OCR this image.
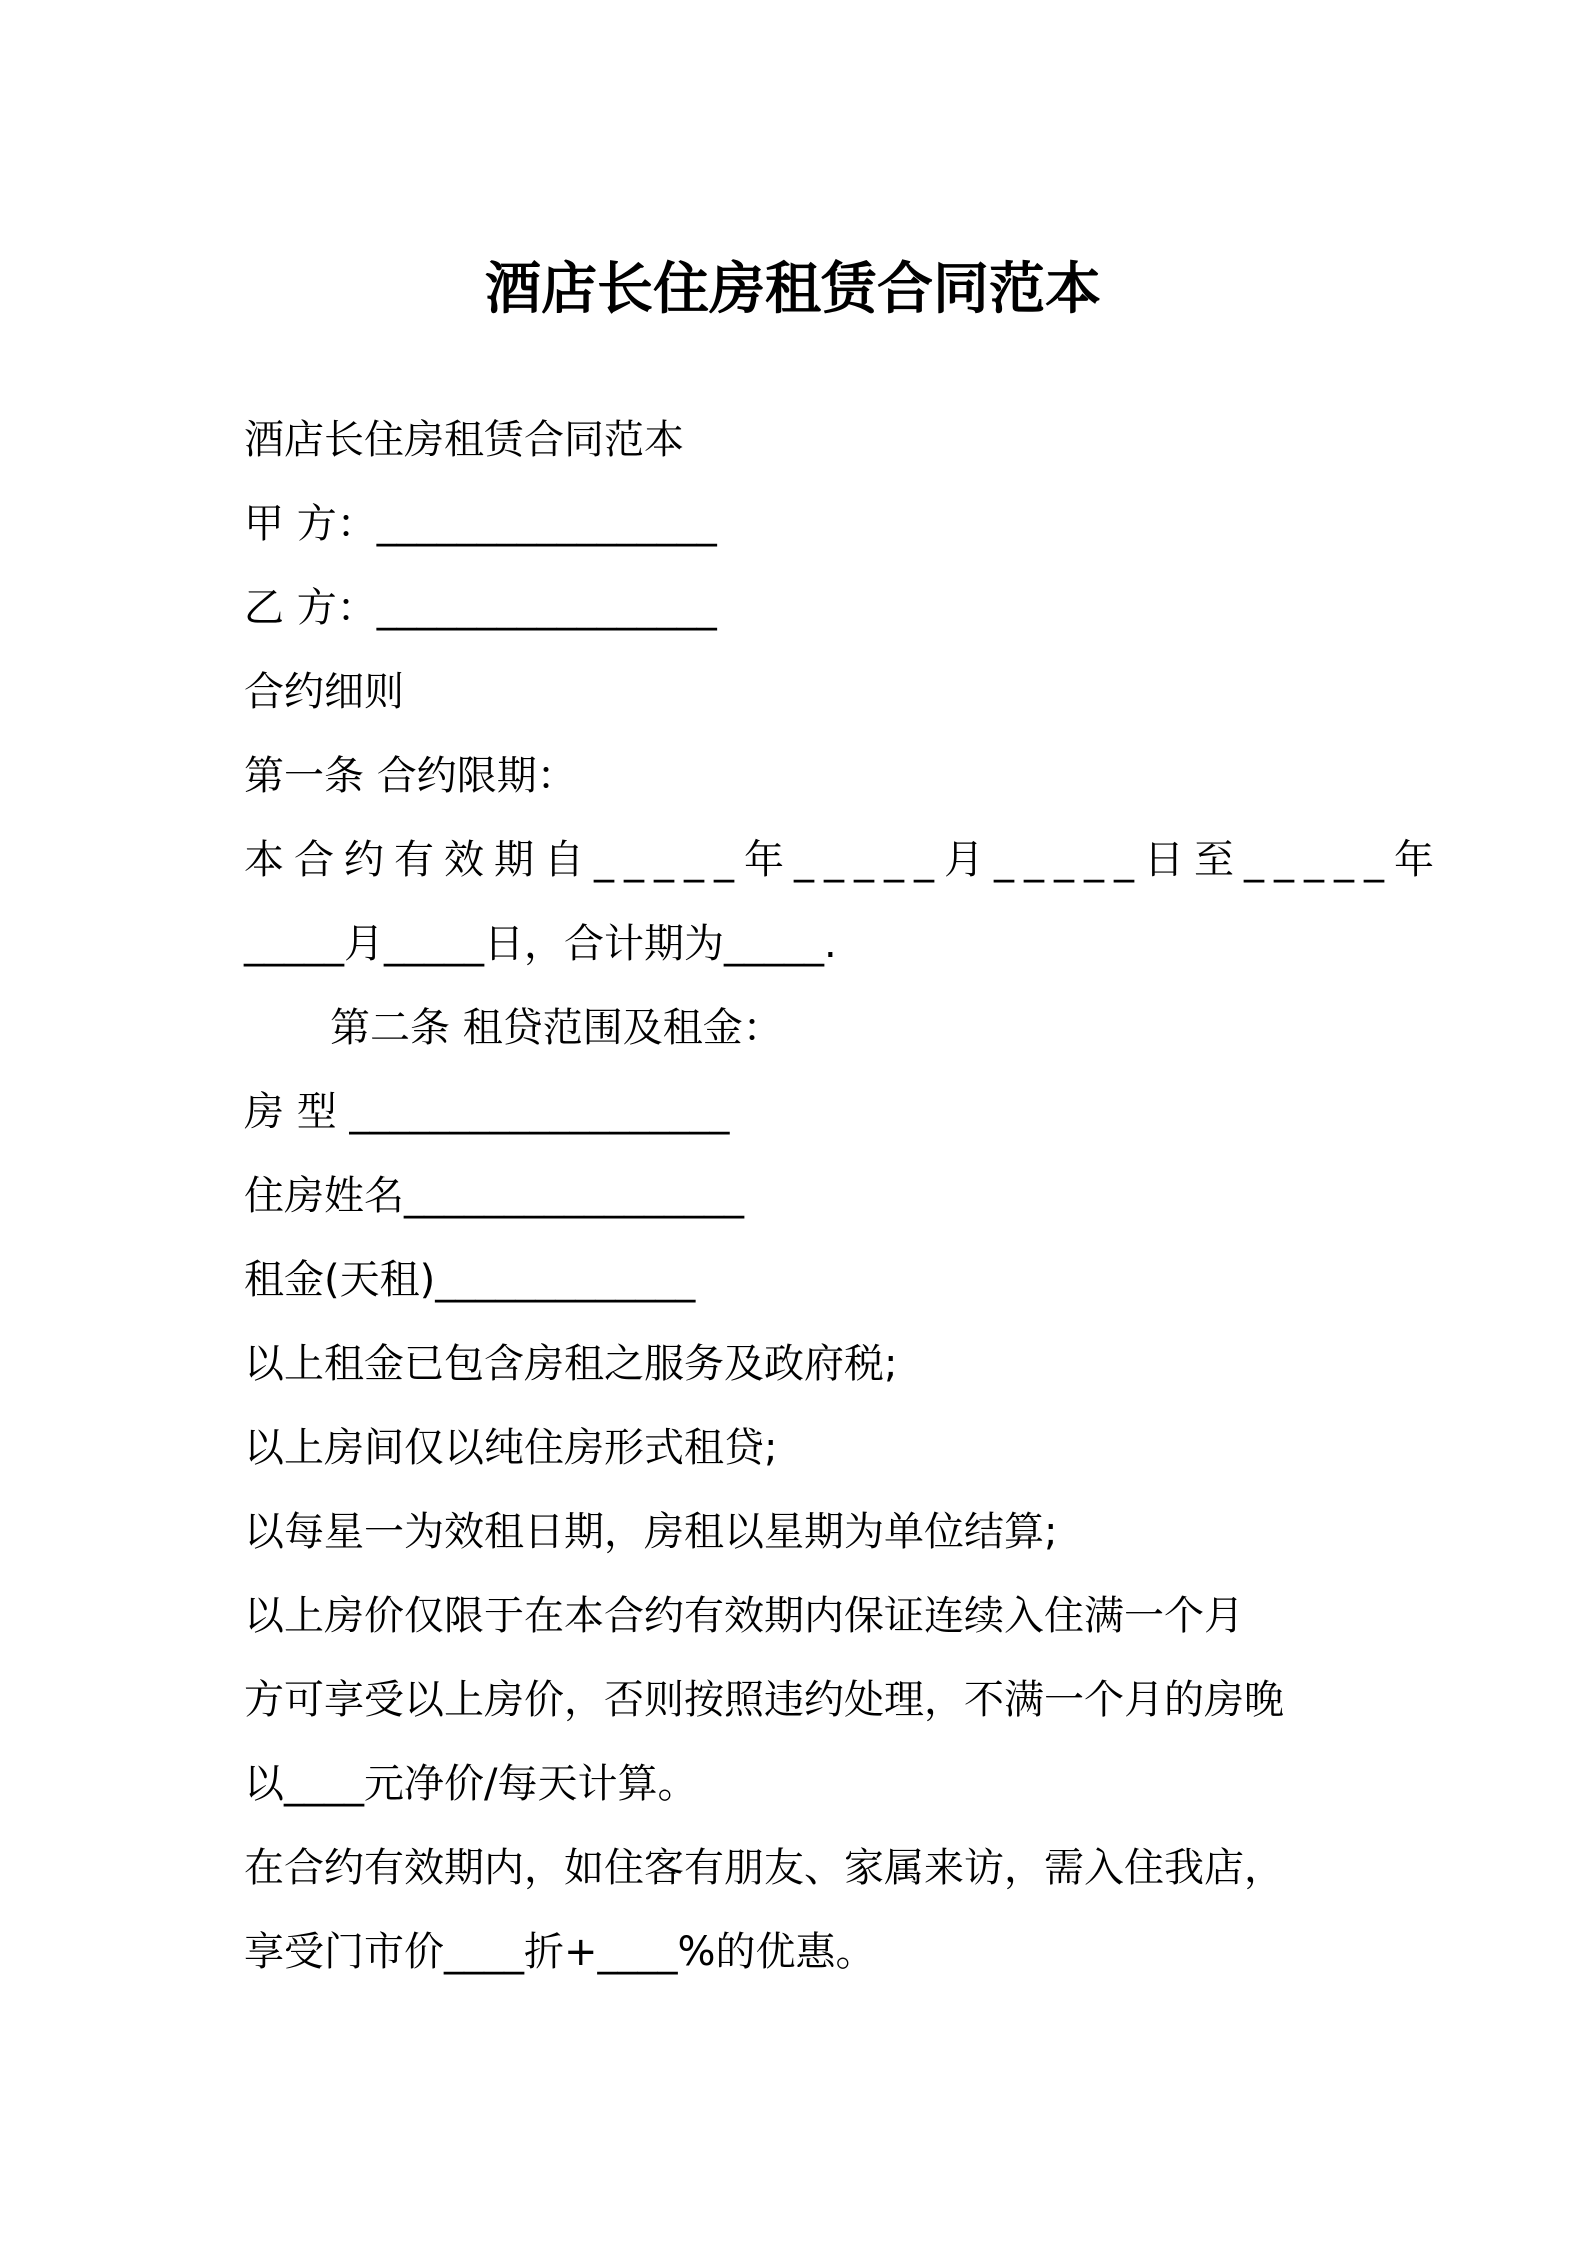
酒店长住房租赁合同范本

酒店长住房租赁合同范本

甲 方：_________________

乙 方：_________________

合约细则

第一条 合约限期：

本合约有效期自_____年_____月_____日至_____年

_____月_____日，合计期为_____.

第二条 租贷范围及租金：

房 型 ___________________

住房姓名_________________

租金(天租)_____________

以上租金已包含房租之服务及政府税;

以上房间仅以纯住房形式租贷;

以每星一为效租日期，房租以星期为单位结算;

以上房价仅限于在本合约有效期内保证连续入住满一个月

方可享受以上房价，否则按照违约处理，不满一个月的房晚

以____元净价/每天计算。

在合约有效期内，如住客有朋友、家属来访，需入住我店，

享受门市价____折+____%的优惠。
